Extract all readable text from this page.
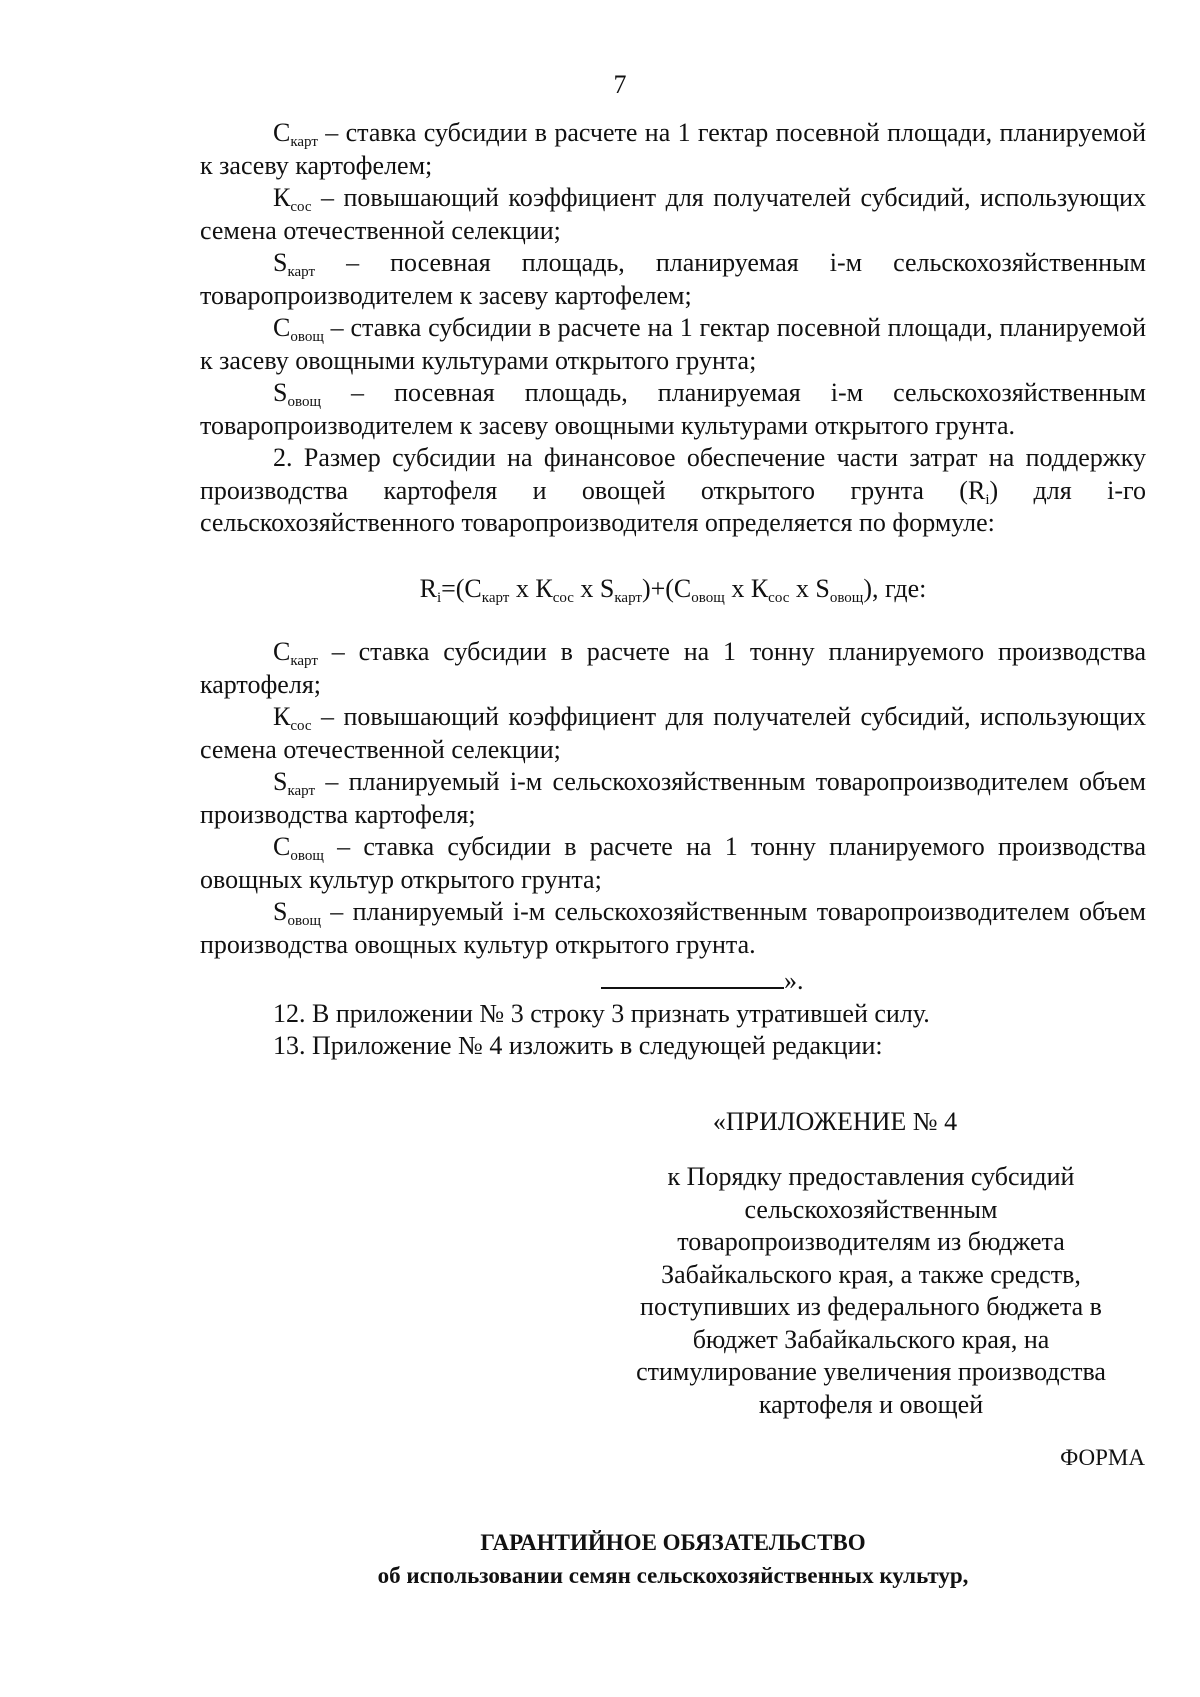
7

$С_{карт}$ – ставка субсидии в расчете на 1 гектар посевной площади, планируемой к засеву картофелем;

$К_{сос}$ – повышающий коэффициент для получателей субсидий, использующих семена отечественной селекции;

$S_{карт}$ – посевная площадь, планируемая і-м сельскохозяйственным товаропроизводителем к засеву картофелем;

$С_{овощ}$ – ставка субсидии в расчете на 1 гектар посевной площади, планируемой к засеву овощными культурами открытого грунта;

$S_{овощ}$ – посевная площадь, планируемая і-м сельскохозяйственным товаропроизводителем к засеву овощными культурами открытого грунта.

2. Размер субсидии на финансовое обеспечение части затрат на поддержку производства картофеля и овощей открытого грунта $(R_i)$ для і-го сельскохозяйственного товаропроизводителя определяется по формуле:

$R_i=(С_{карт}$ х $К_{сос}$ х $S_{карт})+(С_{овощ}$ х $К_{сос}$ х $S_{овощ}$), где:

$С_{карт}$ – ставка субсидии в расчете на 1 тонну планируемого производства картофеля;

$К_{сос}$ – повышающий коэффициент для получателей субсидий, использующих семена отечественной селекции;

$S_{карт}$ – планируемый і-м сельскохозяйственным товаропроизводителем объем производства картофеля;

$С_{овощ}$ – ставка субсидии в расчете на 1 тонну планируемого производства овощных культур открытого грунта;

$S_{овощ}$ – планируемый і-м сельскохозяйственным товаропроизводителем объем производства овощных культур открытого грунта.

».

12. В приложении № 3 строку 3 признать утратившей силу.

13. Приложение № 4 изложить в следующей редакции:

«ПРИЛОЖЕНИЕ № 4
к Порядку предоставления субсидий
сельскохозяйственным
товаропроизводителям из бюджета
Забайкальского края, а также средств,
поступивших из федерального бюджета в
бюджет Забайкальского края, на
стимулирование увеличения производства
картофеля и овощей
ФОРМА
ГАРАНТИЙНОЕ ОБЯЗАТЕЛЬСТВО
об использовании семян сельскохозяйственных культур,
